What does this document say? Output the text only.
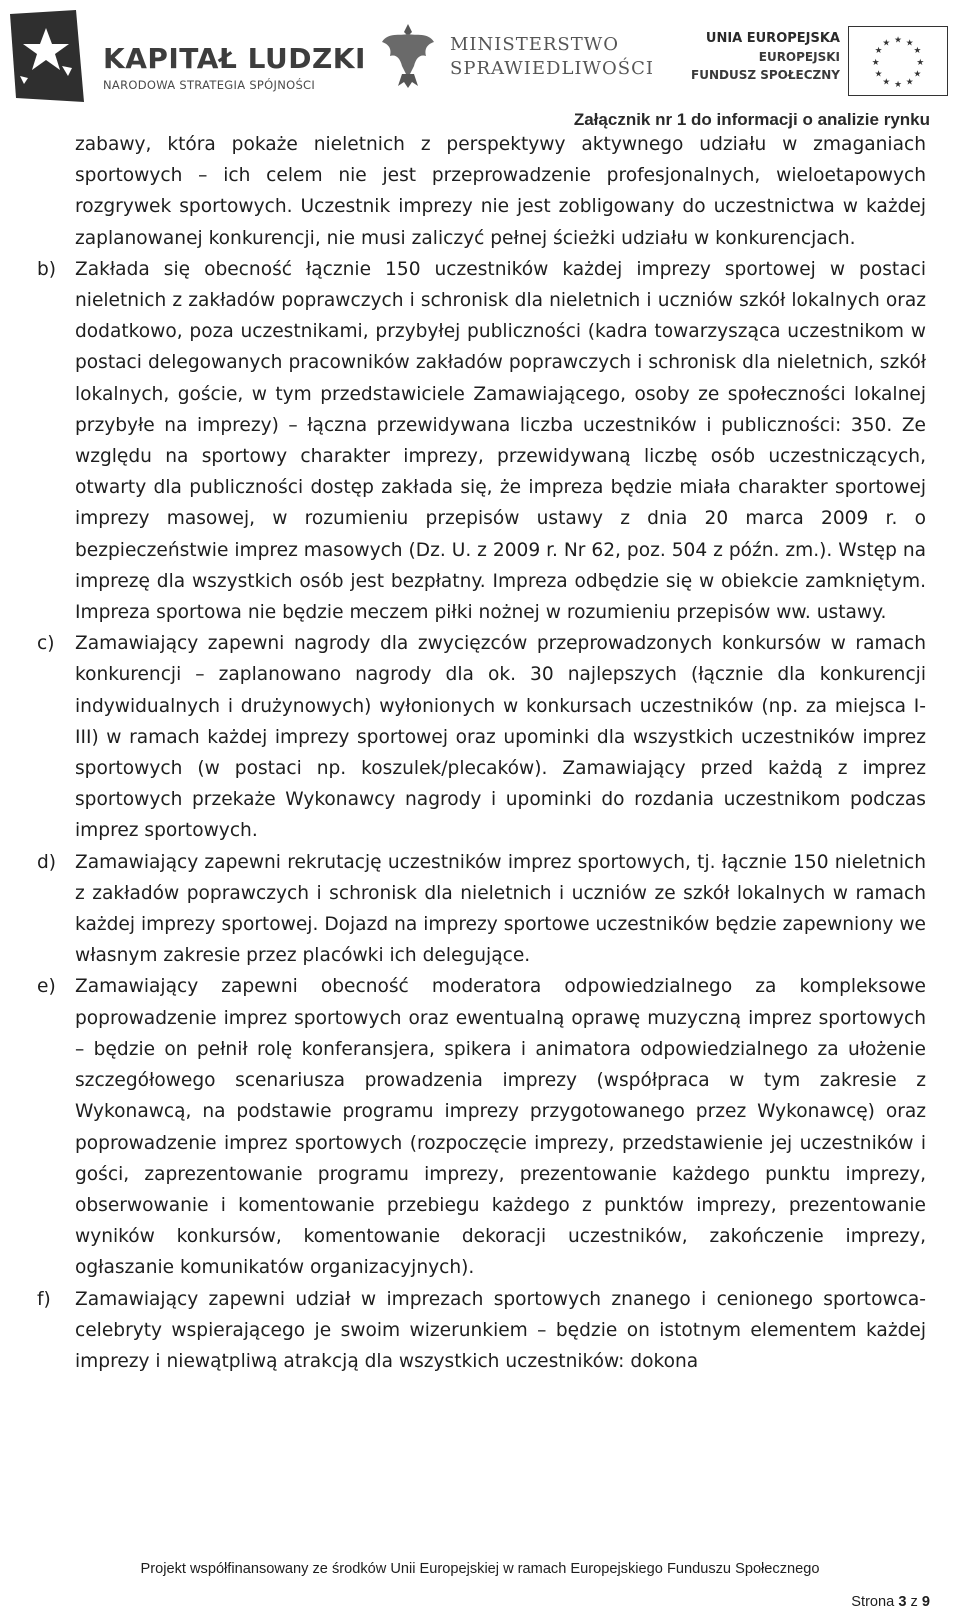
KAPITAŁ LUDZKI
NARODOWA STRATEGIA SPÓJNOŚCI
MINISTERSTWO
SPRAWIEDLIWOŚCI
UNIA EUROPEJSKA
EUROPEJSKI
FUNDUSZ SPOŁECZNY
★ ★
★
★
★
★
★
★
★
★
★
★
Załącznik nr 1 do informacji o analizie rynku

zabawy, która pokaże nieletnich z perspektywy aktywnego udziału w zmaganiach sportowych – ich celem nie jest przeprowadzenie profesjonalnych, wieloetapowych rozgrywek sportowych. Uczestnik imprezy nie jest zobligowany do uczestnictwa w każdej zaplanowanej konkurencji, nie musi zaliczyć pełnej ścieżki udziału w konkurencjach.

b) Zakłada się obecność łącznie 150 uczestników każdej imprezy sportowej w postaci nieletnich z zakładów poprawczych i schronisk dla nieletnich i uczniów szkół lokalnych oraz dodatkowo, poza uczestnikami, przybyłej publiczności (kadra towarzysząca uczestnikom w postaci delegowanych pracowników zakładów poprawczych i schronisk dla nieletnich, szkół lokalnych, goście, w tym przedstawiciele Zamawiającego, osoby ze społeczności lokalnej przybyłe na imprezy) – łączna przewidywana liczba uczestników i publiczności: 350. Ze względu na sportowy charakter imprezy, przewidywaną liczbę osób uczestniczących, otwarty dla publiczności dostęp zakłada się, że impreza będzie miała charakter sportowej imprezy masowej, w rozumieniu przepisów ustawy z dnia 20 marca 2009 r. o bezpieczeństwie imprez masowych (Dz. U. z 2009 r. Nr 62, poz. 504 z późn. zm.). Wstęp na imprezę dla wszystkich osób jest bezpłatny. Impreza odbędzie się w obiekcie zamkniętym. Impreza sportowa nie będzie meczem piłki nożnej w rozumieniu przepisów ww. ustawy.
c) Zamawiający zapewni nagrody dla zwycięzców przeprowadzonych konkursów w ramach konkurencji – zaplanowano nagrody dla ok. 30 najlepszych (łącznie dla konkurencji indywidualnych i drużynowych) wyłonionych w konkursach uczestników (np. za miejsca I-III) w ramach każdej imprezy sportowej oraz upominki dla wszystkich uczestników imprez sportowych (w postaci np. koszulek/plecaków). Zamawiający przed każdą z imprez sportowych przekaże Wykonawcy nagrody i upominki do rozdania uczestnikom podczas imprez sportowych.
d) Zamawiający zapewni rekrutację uczestników imprez sportowych, tj. łącznie 150 nieletnich z zakładów poprawczych i schronisk dla nieletnich i uczniów ze szkół lokalnych w ramach każdej imprezy sportowej. Dojazd na imprezy sportowe uczestników będzie zapewniony we własnym zakresie przez placówki ich delegujące.
e) Zamawiający zapewni obecność moderatora odpowiedzialnego za kompleksowe poprowadzenie imprez sportowych oraz ewentualną oprawę muzyczną imprez sportowych – będzie on pełnił rolę konferansjera, spikera i animatora odpowiedzialnego za ułożenie szczegółowego scenariusza prowadzenia imprezy (współpraca w tym zakresie z Wykonawcą, na podstawie programu imprezy przygotowanego przez Wykonawcę) oraz poprowadzenie imprez sportowych (rozpoczęcie imprezy, przedstawienie jej uczestników i gości, zaprezentowanie programu imprezy, prezentowanie każdego punktu imprezy, obserwowanie i komentowanie przebiegu każdego z punktów imprezy, prezentowanie wyników konkursów, komentowanie dekoracji uczestników, zakończenie imprezy, ogłaszanie komunikatów organizacyjnych).
f) Zamawiający zapewni udział w imprezach sportowych znanego i cenionego sportowca-celebryty wspierającego je swoim wizerunkiem – będzie on istotnym elementem każdej imprezy i niewątpliwą atrakcją dla wszystkich uczestników: dokona
Projekt współfinansowany ze środków Unii Europejskiej w ramach Europejskiego Funduszu Społecznego
Strona 3 z 9
